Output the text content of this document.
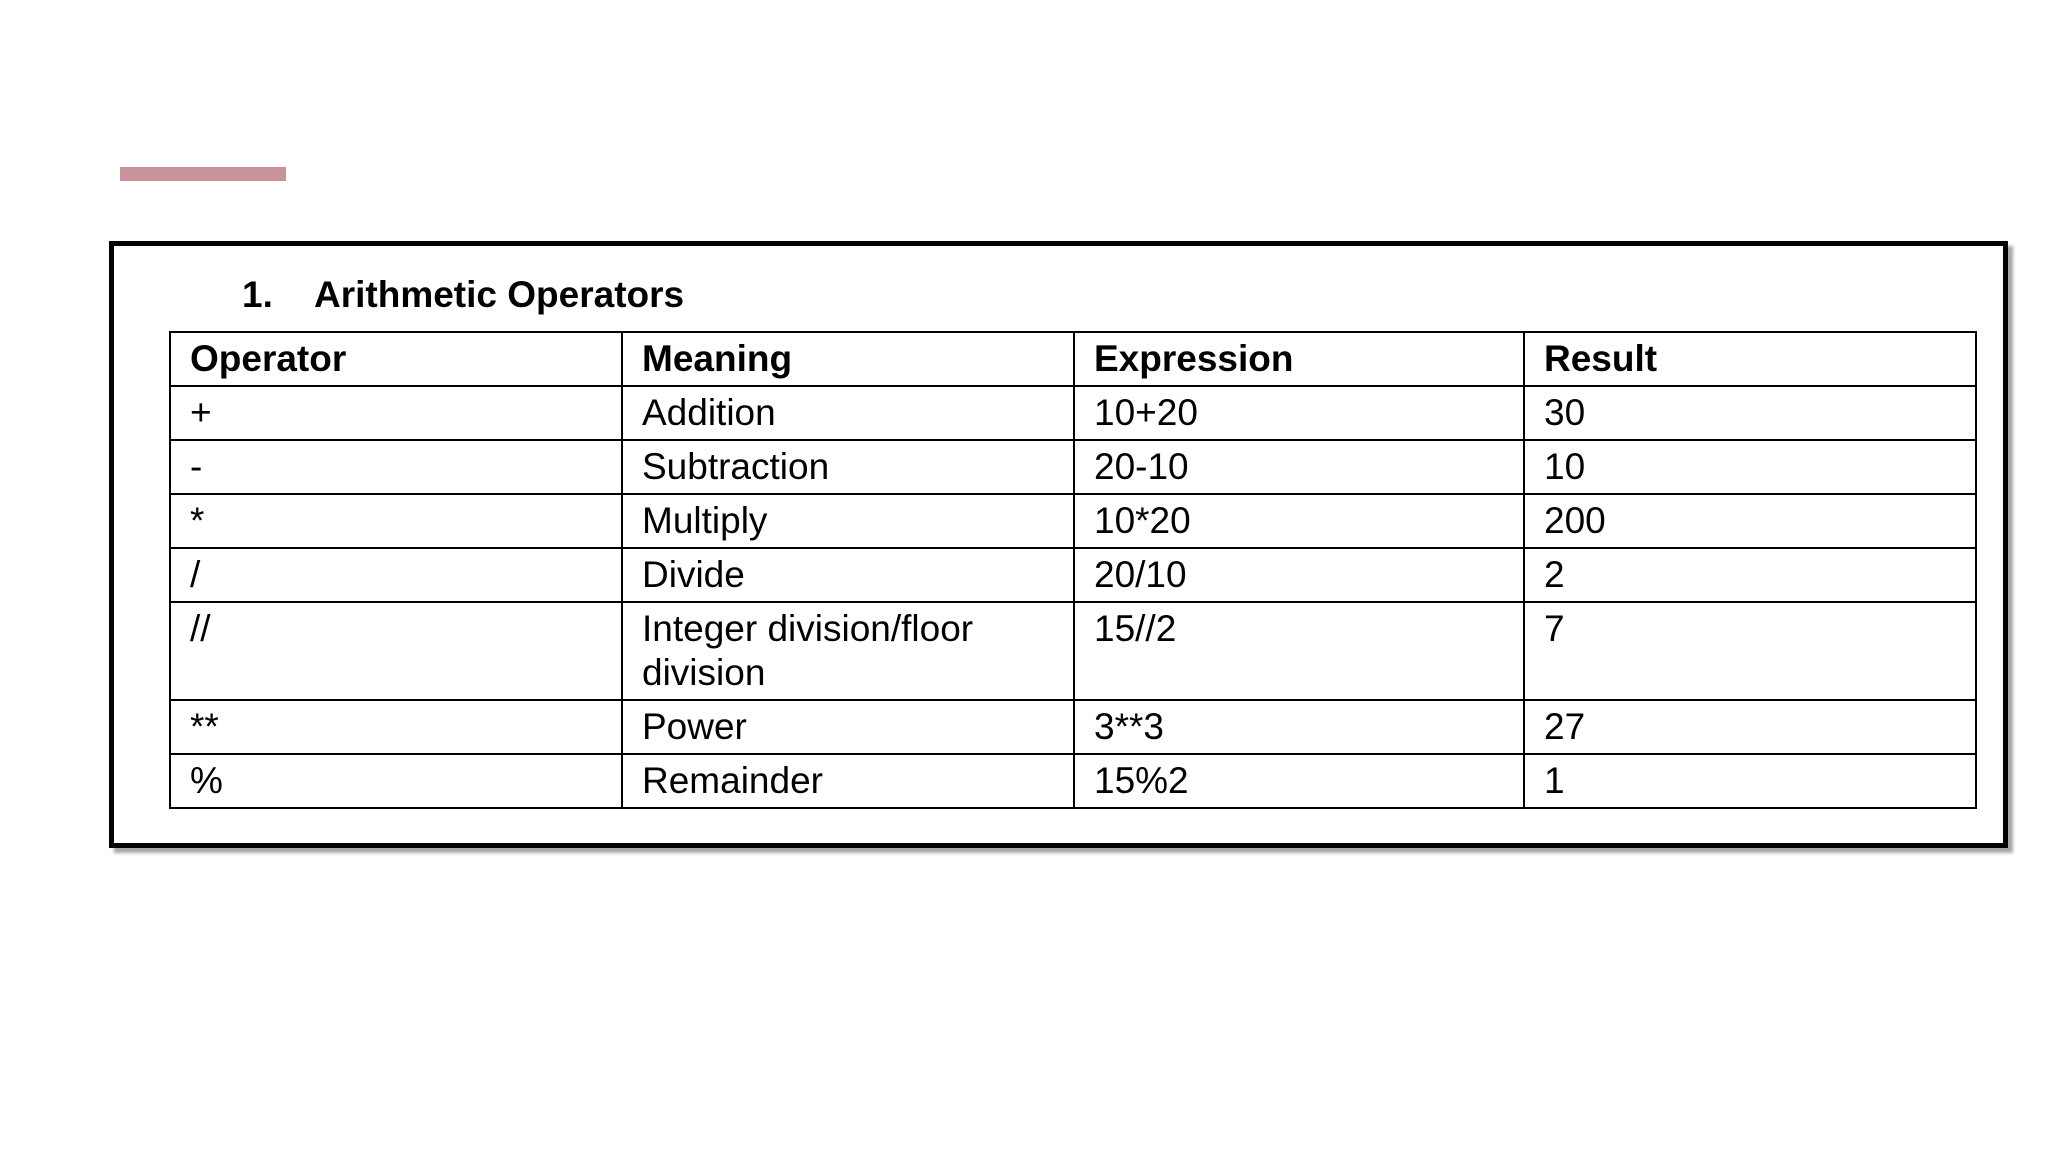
1.	Arithmetic Operators
Operator	Meaning	Expression	Result
+	Addition	10+20	30
-	Subtraction	20-10	10
*	Multiply	10*20	200
/	Divide	20/10	2
//	Integer division/floor division	15//2	7
**	Power	3**3	27
%	Remainder	15%2	1
